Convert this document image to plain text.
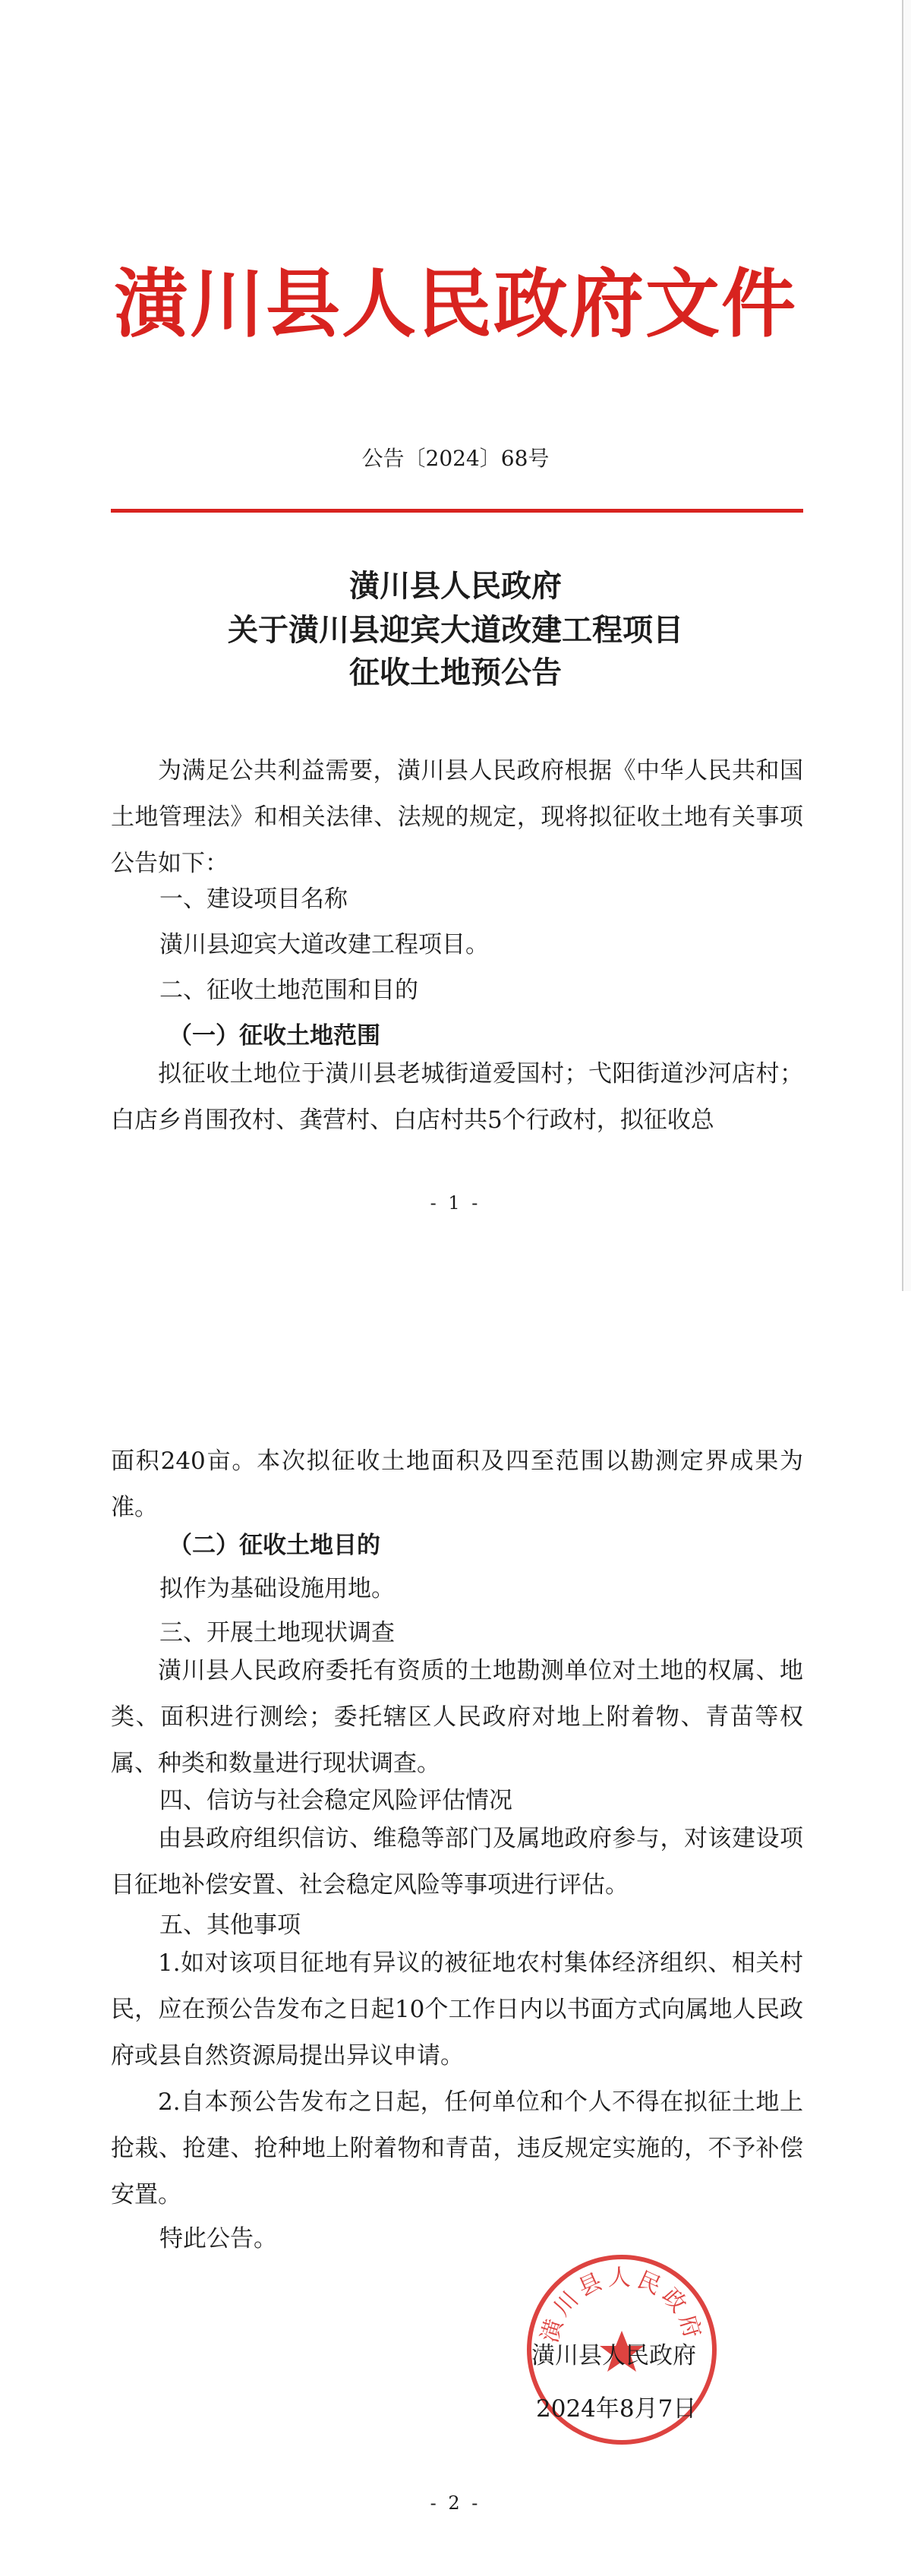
潢川县人民政府文件
公告〔2024〕68号
潢川县人民政府
关于潢川县迎宾大道改建工程项目
征收土地预公告
为满足公共利益需要，潢川县人民政府根据《中华人民共和国土地管理法》和相关法律、法规的规定，现将拟征收土地有关事项公告如下：
一、建设项目名称
潢川县迎宾大道改建工程项目。
二、征收土地范围和目的
（一）征收土地范围
拟征收土地位于潢川县老城街道爱国村；弋阳街道沙河店村；白店乡肖围孜村、龚营村、白店村共5个行政村，拟征收总
- 1 -
面积240亩。本次拟征收土地面积及四至范围以勘测定界成果为准。
（二）征收土地目的
拟作为基础设施用地。
三、开展土地现状调查
潢川县人民政府委托有资质的土地勘测单位对土地的权属、地类、面积进行测绘；委托辖区人民政府对地上附着物、青苗等权属、种类和数量进行现状调查。
四、信访与社会稳定风险评估情况
由县政府组织信访、维稳等部门及属地政府参与，对该建设项目征地补偿安置、社会稳定风险等事项进行评估。
五、其他事项
1.如对该项目征地有异议的被征地农村集体经济组织、相关村民，应在预公告发布之日起10个工作日内以书面方式向属地人民政府或县自然资源局提出异议申请。
2.自本预公告发布之日起，任何单位和个人不得在拟征土地上抢栽、抢建、抢种地上附着物和青苗，违反规定实施的，不予补偿安置。
特此公告。
潢川县人民政府
潢川县人民政府
2024年8月7日
- 2 -
